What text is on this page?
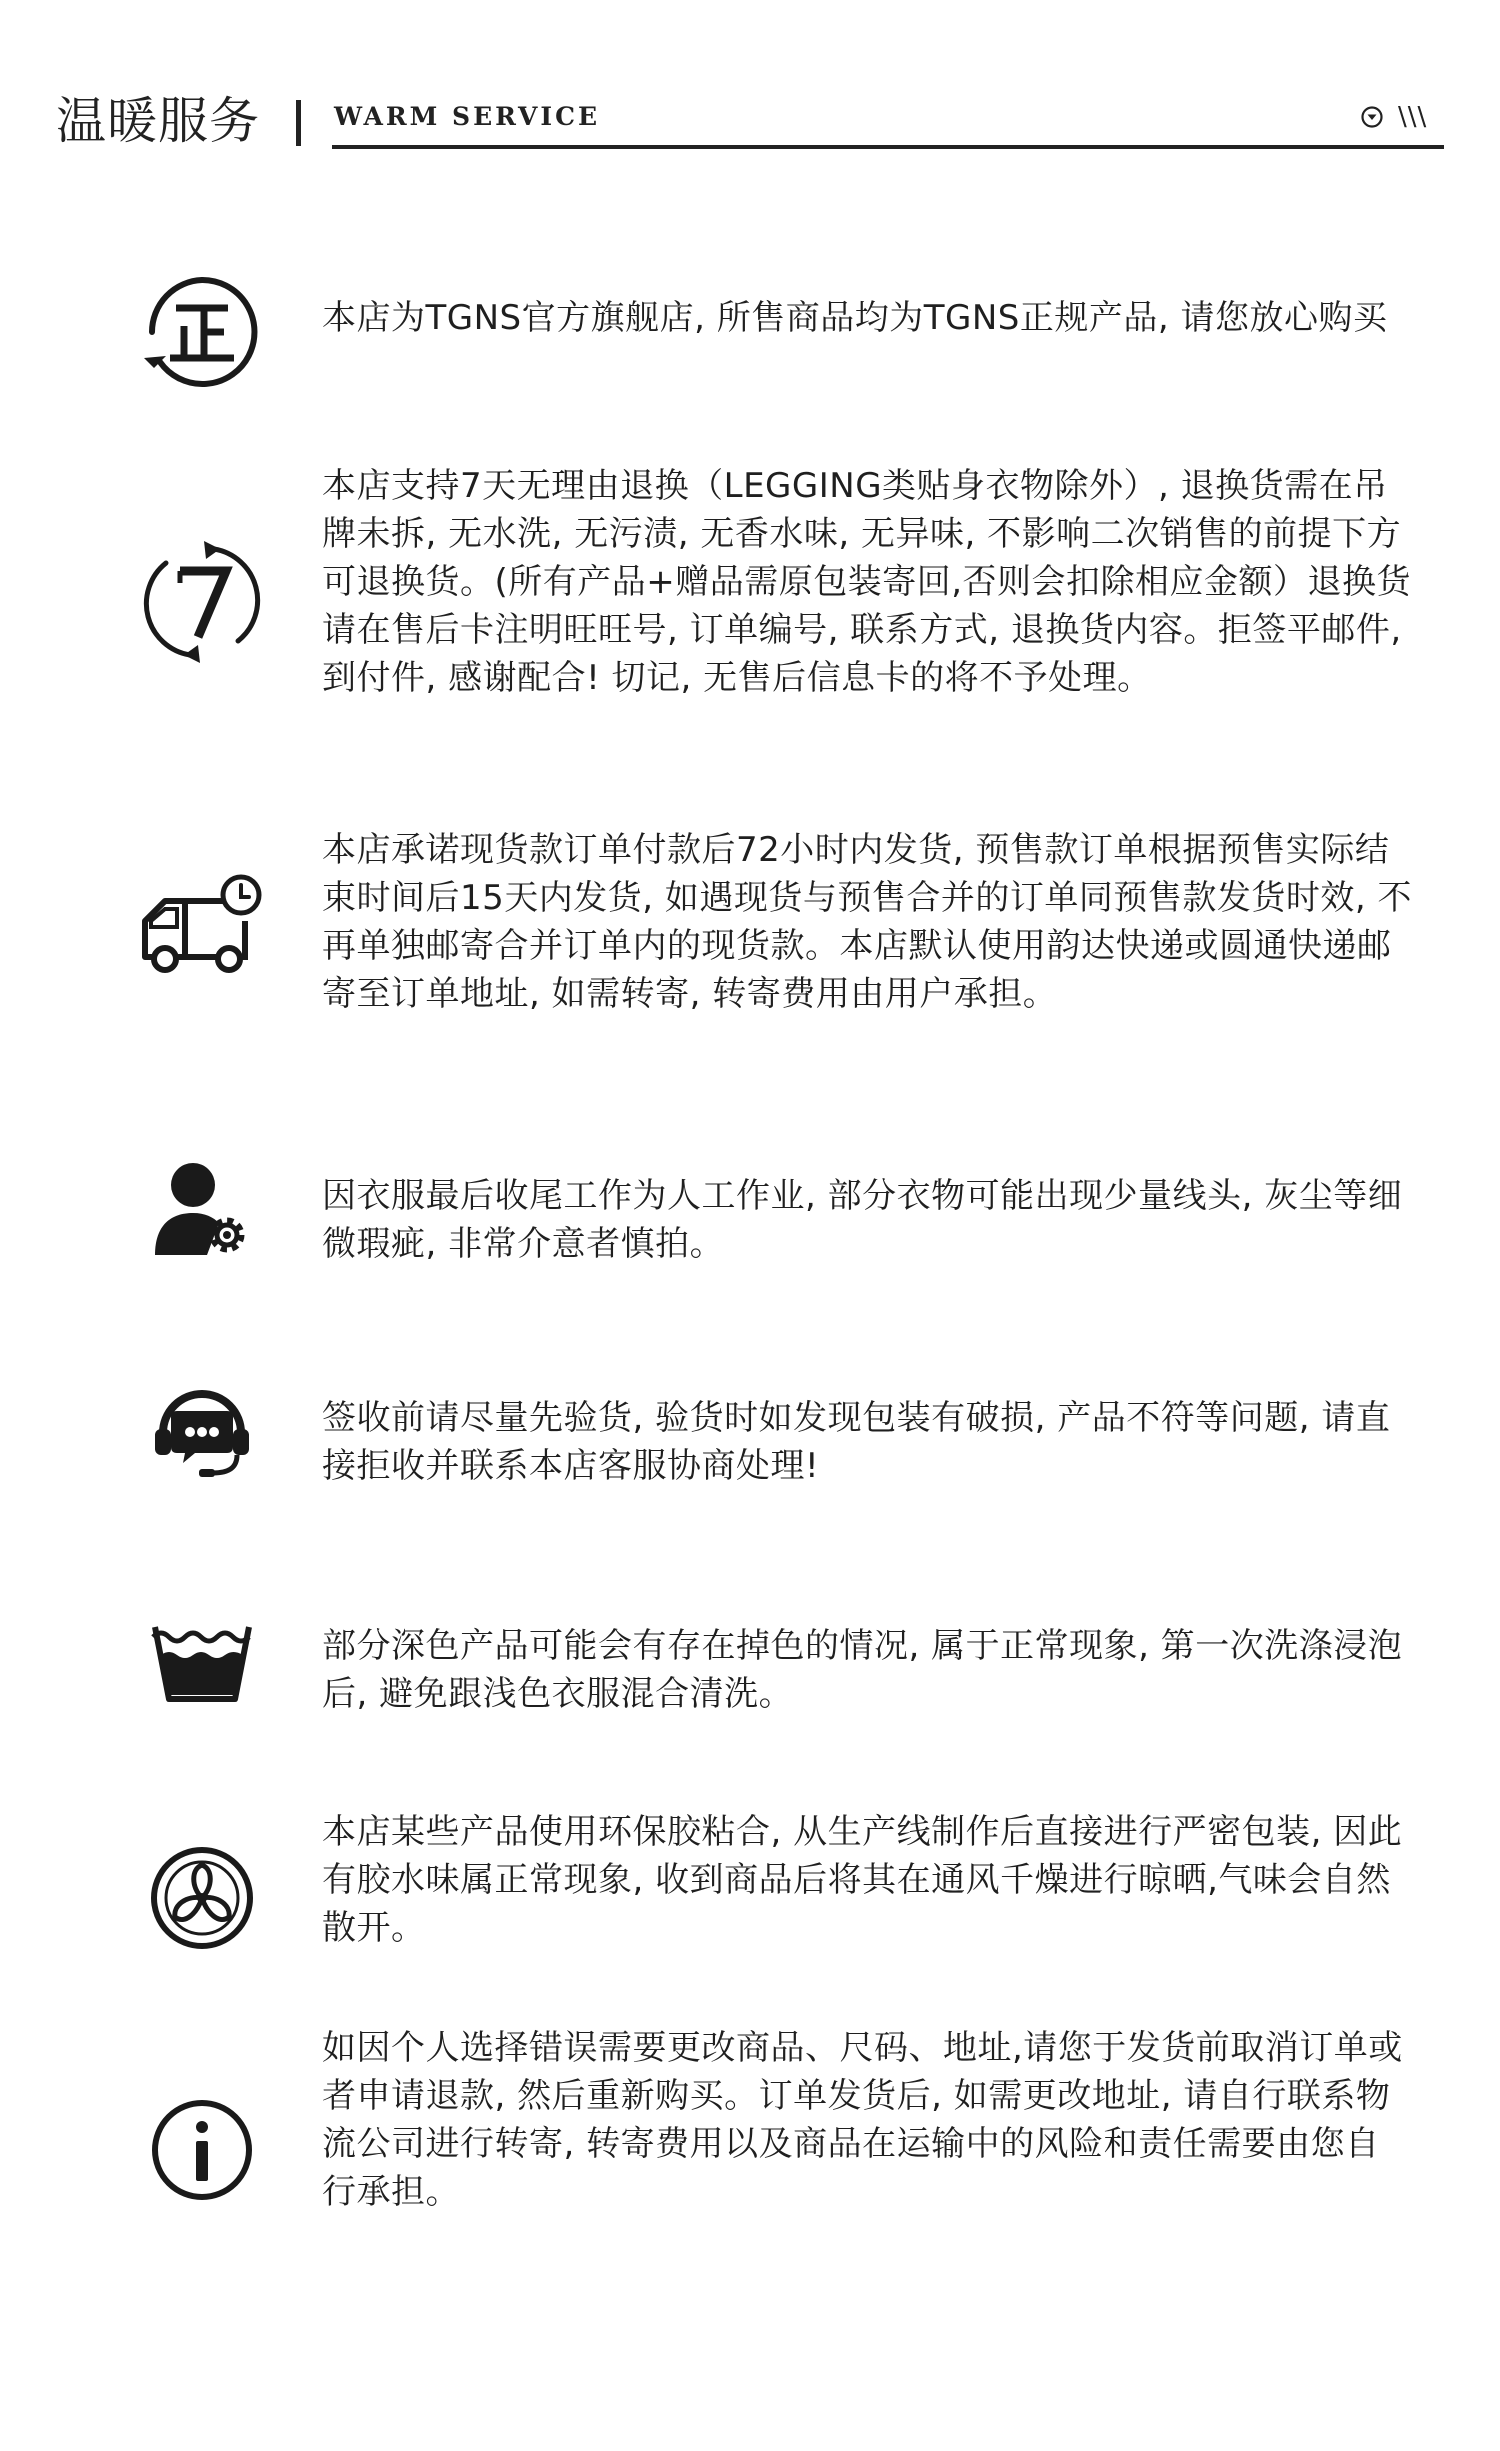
温暖服务	WARM SERVICE	\\\
本店为TGNS官方旗舰店, 所售商品均为TGNS正规产品, 请您放心购买
本店支持7天无理由退换（LEGGING类贴身衣物除外）, 退换货需在吊牌未拆, 无水洗, 无污渍, 无香水味, 无异味, 不影响二次销售的前提下方可退换货。(所有产品+赠品需原包装寄回,否则会扣除相应金额）退换货请在售后卡注明旺旺号, 订单编号, 联系方式, 退换货内容。拒签平邮件, 到付件, 感谢配合! 切记, 无售后信息卡的将不予处理。
本店承诺现货款订单付款后72小时内发货, 预售款订单根据预售实际结束时间后15天内发货, 如遇现货与预售合并的订单同预售款发货时效, 不再单独邮寄合并订单内的现货款。本店默认使用韵达快递或圆通快递邮寄至订单地址, 如需转寄, 转寄费用由用户承担。
因衣服最后收尾工作为人工作业, 部分衣物可能出现少量线头, 灰尘等细微瑕疵, 非常介意者慎拍。
签收前请尽量先验货, 验货时如发现包装有破损, 产品不符等问题, 请直接拒收并联系本店客服协商处理!
部分深色产品可能会有存在掉色的情况, 属于正常现象, 第一次洗涤浸泡后, 避免跟浅色衣服混合清洗。
本店某些产品使用环保胶粘合, 从生产线制作后直接进行严密包装, 因此有胶水味属正常现象, 收到商品后将其在通风千燥进行晾晒,气味会自然散开。
如因个人选择错误需要更改商品、尺码、地址,请您于发货前取消订单或者申请退款, 然后重新购买。订单发货后, 如需更改地址, 请自行联系物流公司进行转寄, 转寄费用以及商品在运输中的风险和责任需要由您自行承担。
